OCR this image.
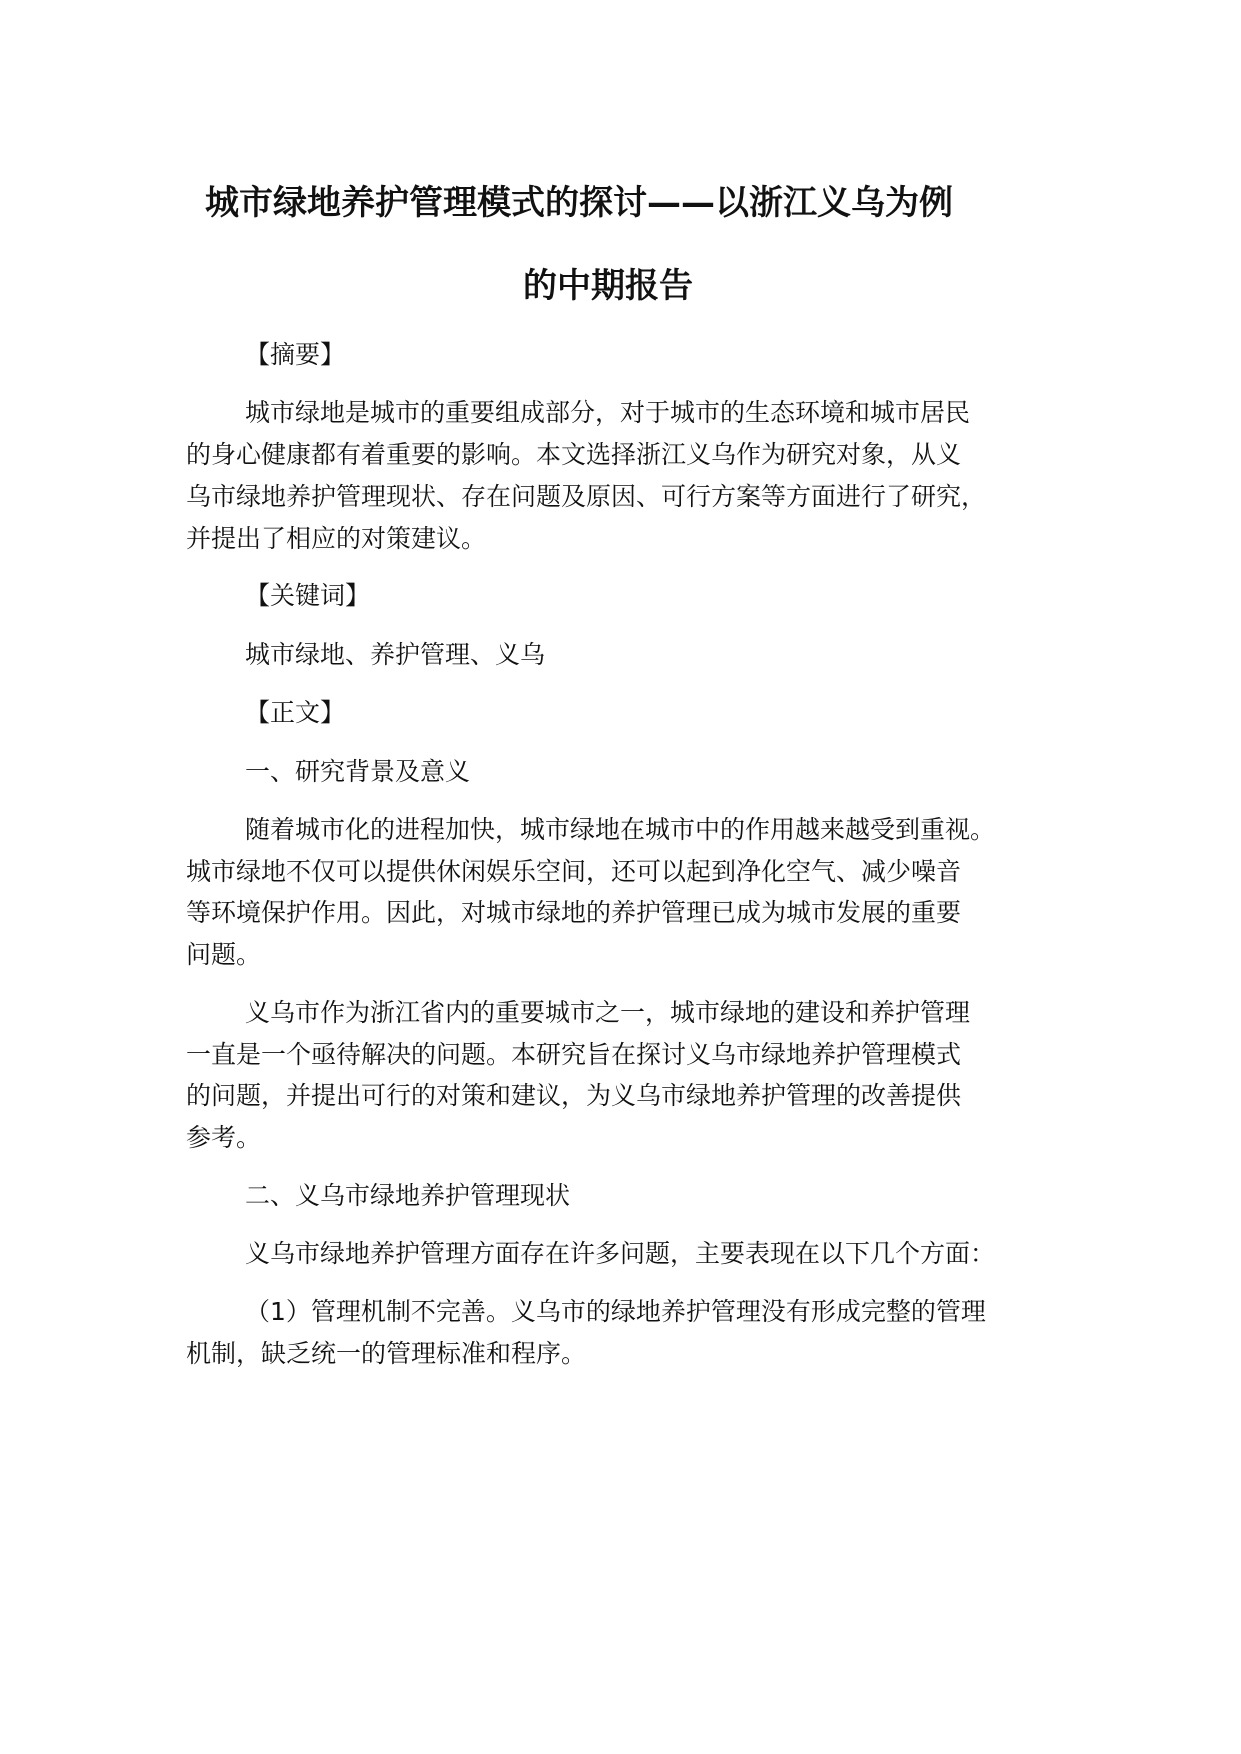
城市绿地养护管理模式的探讨——以浙江义乌为例
的中期报告
【摘要】
城市绿地是城市的重要组成部分，对于城市的生态环境和城市居民
的身心健康都有着重要的影响。本文选择浙江义乌作为研究对象，从义
乌市绿地养护管理现状、存在问题及原因、可行方案等方面进行了研究，
并提出了相应的对策建议。
【关键词】
城市绿地、养护管理、义乌
【正文】
一、研究背景及意义
随着城市化的进程加快，城市绿地在城市中的作用越来越受到重视。
城市绿地不仅可以提供休闲娱乐空间，还可以起到净化空气、减少噪音
等环境保护作用。因此，对城市绿地的养护管理已成为城市发展的重要
问题。
义乌市作为浙江省内的重要城市之一，城市绿地的建设和养护管理
一直是一个亟待解决的问题。本研究旨在探讨义乌市绿地养护管理模式
的问题，并提出可行的对策和建议，为义乌市绿地养护管理的改善提供
参考。
二、义乌市绿地养护管理现状
义乌市绿地养护管理方面存在许多问题，主要表现在以下几个方面：
（1）管理机制不完善。义乌市的绿地养护管理没有形成完整的管理
机制，缺乏统一的管理标准和程序。
